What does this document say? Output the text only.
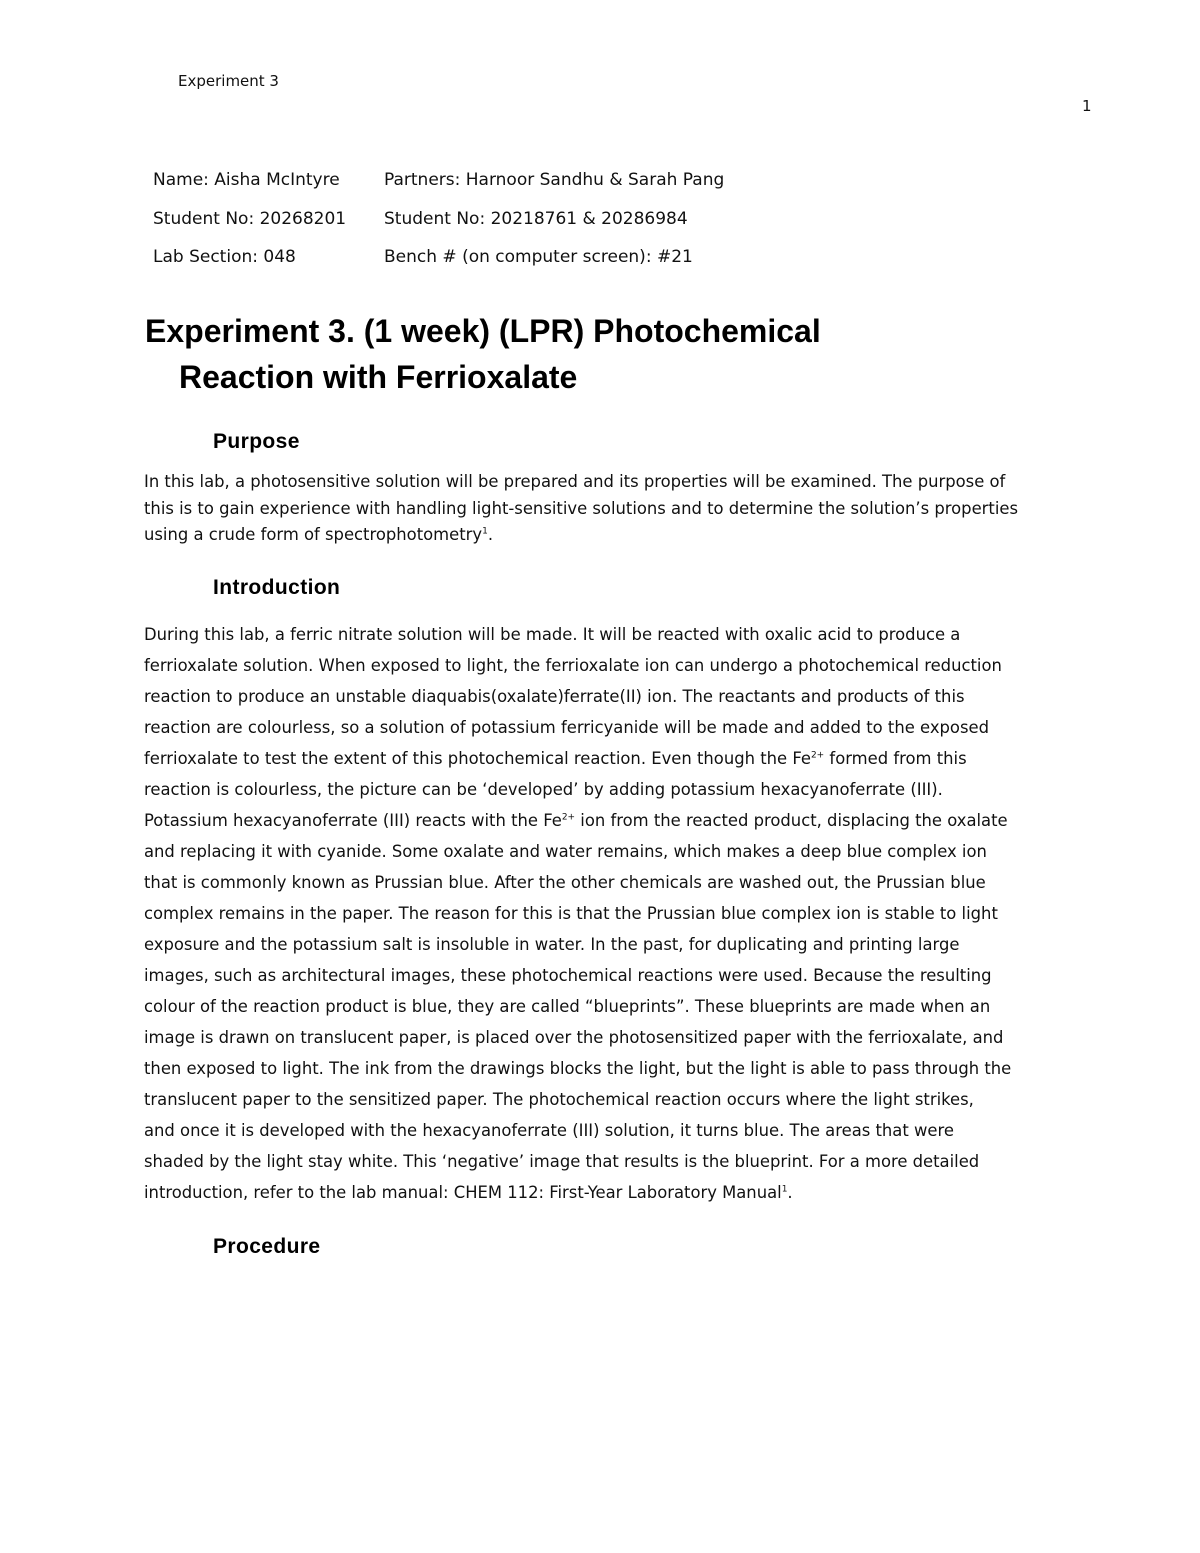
Experiment 3
1
Name: Aisha McIntyre	Partners: Harnoor Sandhu & Sarah Pang
Student No: 20268201 Student No: 20218761 & 20286984
Lab Section: 048	Bench # (on computer screen): #21
Experiment 3. (1 week) (LPR) Photochemical
Reaction with Ferrioxalate
Purpose

In this lab, a photosensitive solution will be prepared and its properties will be examined. The purpose of

this is to gain experience with handling light-sensitive solutions and to determine the solution’s properties

using a crude form of spectrophotometry$^1$.

Introduction

During this lab, a ferric nitrate solution will be made. It will be reacted with oxalic acid to produce a

ferrioxalate solution. When exposed to light, the ferrioxalate ion can undergo a photochemical reduction

reaction to produce an unstable diaquabis(oxalate)ferrate(II) ion. The reactants and products of this

reaction are colourless, so a solution of potassium ferricyanide will be made and added to the exposed

ferrioxalate to test the extent of this photochemical reaction. Even though the $Fe^{2+}$ formed from this

reaction is colourless, the picture can be ‘developed’ by adding potassium hexacyanoferrate (III).

Potassium hexacyanoferrate (III) reacts with the $Fe^{2+}$ ion from the reacted product, displacing the oxalate

and replacing it with cyanide. Some oxalate and water remains, which makes a deep blue complex ion

that is commonly known as Prussian blue. After the other chemicals are washed out, the Prussian blue

complex remains in the paper. The reason for this is that the Prussian blue complex ion is stable to light

exposure and the potassium salt is insoluble in water. In the past, for duplicating and printing large

images, such as architectural images, these photochemical reactions were used. Because the resulting

colour of the reaction product is blue, they are called “blueprints”. These blueprints are made when an

image is drawn on translucent paper, is placed over the photosensitized paper with the ferrioxalate, and

then exposed to light. The ink from the drawings blocks the light, but the light is able to pass through the

translucent paper to the sensitized paper. The photochemical reaction occurs where the light strikes,

and once it is developed with the hexacyanoferrate (III) solution, it turns blue. The areas that were

shaded by the light stay white. This ‘negative’ image that results is the blueprint. For a more detailed

introduction, refer to the lab manual: CHEM 112: First-Year Laboratory Manual$^1$.

Procedure
